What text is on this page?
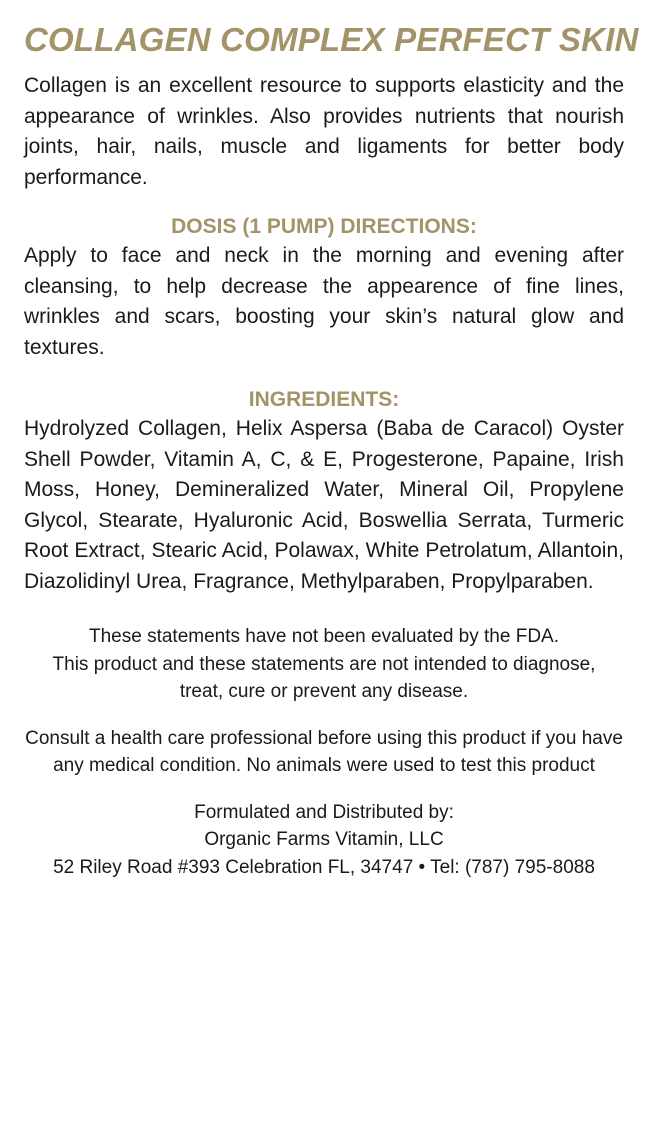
COLLAGEN COMPLEX PERFECT SKIN

Collagen is an excellent resource to supports elasticity and the appearance of wrinkles. Also provides nutrients that nourish joints, hair, nails, muscle and ligaments for better body performance.

DOSIS (1 PUMP) DIRECTIONS:

Apply to face and neck in the morning and evening after cleansing, to help decrease the appearence of fine lines, wrinkles and scars, boosting your skin’s natural glow and textures.

INGREDIENTS:

Hydrolyzed Collagen, Helix Aspersa (Baba de Caracol) Oyster Shell Powder, Vitamin A, C, & E, Progesterone, Papaine, Irish Moss, Honey, Demineralized Water, Mineral Oil, Propylene Glycol, Stearate, Hyaluronic Acid, Boswellia Serrata, Turmeric Root Extract, Stearic Acid, Polawax, White Petrolatum, Allantoin, Diazolidinyl Urea, Fragrance, Methylparaben, Propylparaben.

These statements have not been evaluated by the FDA.
This product and these statements are not intended to diagnose,
treat, cure or prevent any disease.
Consult a health care professional before using this product if you have
any medical condition. No animals were used to test this product
Formulated and Distributed by:
Organic Farms Vitamin, LLC
52 Riley Road #393 Celebration FL, 34747 • Tel: (787) 795-8088
